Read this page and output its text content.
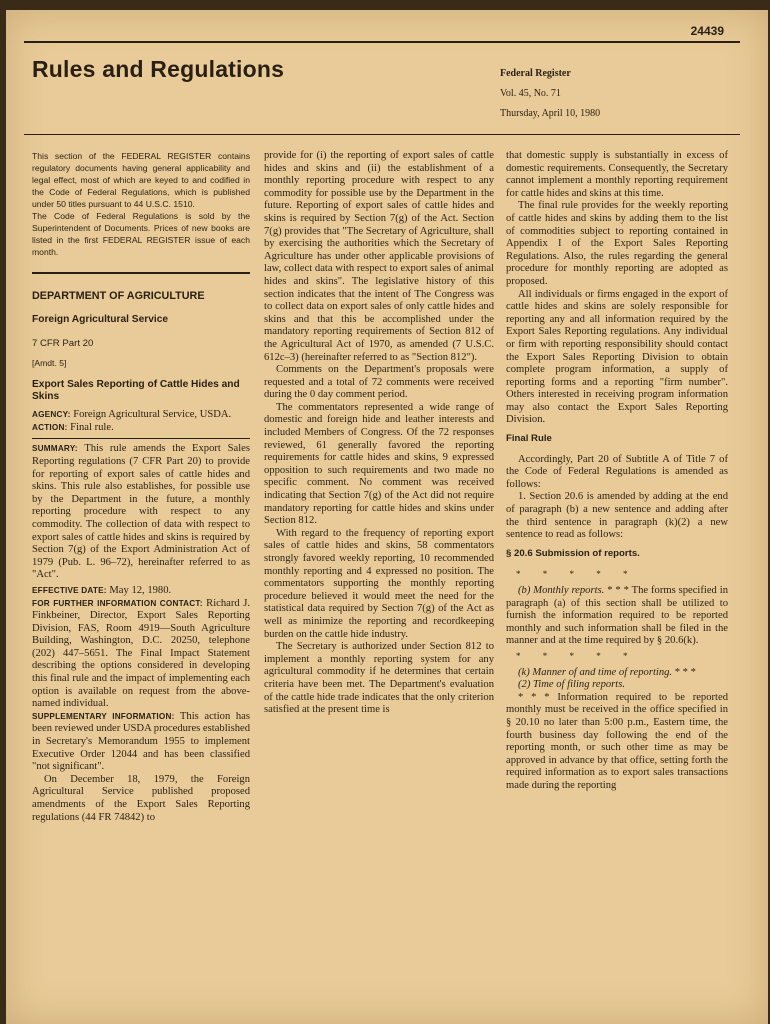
24439
Rules and Regulations	Federal Register
Vol. 45, No. 71
Thursday, April 10, 1980

This section of the FEDERAL REGISTER contains regulatory documents having general applicability and legal effect, most of which are keyed to and codified in the Code of Federal Regulations, which is published under 50 titles pursuant to 44 U.S.C. 1510.

The Code of Federal Regulations is sold by the Superintendent of Documents. Prices of new books are listed in the first FEDERAL REGISTER issue of each month.

DEPARTMENT OF AGRICULTURE
Foreign Agricultural Service
7 CFR Part 20
[Amdt. 5]
Export Sales Reporting of Cattle Hides and Skins

AGENCY: Foreign Agricultural Service, USDA.

ACTION: Final rule.

SUMMARY: This rule amends the Export Sales Reporting regulations (7 CFR Part 20) to provide for reporting of export sales of cattle hides and skins. This rule also establishes, for possible use by the Department in the future, a monthly reporting procedure with respect to any commodity. The collection of data with respect to export sales of cattle hides and skins is required by Section 7(g) of the Export Administration Act of 1979 (Pub. L. 96–72), hereinafter referred to as "Act".

EFFECTIVE DATE: May 12, 1980.

FOR FURTHER INFORMATION CONTACT: Richard J. Finkbeiner, Director, Export Sales Reporting Division, FAS, Room 4919—South Agriculture Building, Washington, D.C. 20250, telephone (202) 447–5651. The Final Impact Statement describing the options considered in developing this final rule and the impact of implementing each option is available on request from the above-named individual.

SUPPLEMENTARY INFORMATION: This action has been reviewed under USDA procedures established in Secretary's Memorandum 1955 to implement Executive Order 12044 and has been classified "not significant".

On December 18, 1979, the Foreign Agricultural Service published proposed amendments of the Export Sales Reporting regulations (44 FR 74842) to

provide for (i) the reporting of export sales of cattle hides and skins and (ii) the establishment of a monthly reporting procedure with respect to any commodity for possible use by the Department in the future. Reporting of export sales of cattle hides and skins is required by Section 7(g) of the Act. Section 7(g) provides that "The Secretary of Agriculture, shall by exercising the authorities which the Secretary of Agriculture has under other applicable provisions of law, collect data with respect to export sales of animal hides and skins". The legislative history of this section indicates that the intent of The Congress was to collect data on export sales of only cattle hides and skins and that this be accomplished under the mandatory reporting requirements of Section 812 of the Agricultural Act of 1970, as amended (7 U.S.C. 612c–3) (hereinafter referred to as "Section 812").

Comments on the Department's proposals were requested and a total of 72 comments were received during the 0 day comment period.

The commentators represented a wide range of domestic and foreign hide and leather interests and included Members of Congress. Of the 72 responses reviewed, 61 generally favored the reporting requirements for cattle hides and skins, 9 expressed opposition to such requirements and two made no specific comment. No comment was received indicating that Section 7(g) of the Act did not require mandatory reporting for cattle hides and skins under Section 812.

With regard to the frequency of reporting export sales of cattle hides and skins, 58 commentators strongly favored weekly reporting, 10 recommended monthly reporting and 4 expressed no position. The commentators supporting the monthly reporting procedure believed it would meet the need for the statistical data required by Section 7(g) of the Act as well as minimize the reporting and recordkeeping burden on the cattle hide industry.

The Secretary is authorized under Section 812 to implement a monthly reporting system for any agricultural commodity if he determines that certain criteria have been met. The Department's evaluation of the cattle hide trade indicates that the only criterion satisfied at the present time is

that domestic supply is substantially in excess of domestic requirements. Consequently, the Secretary cannot implement a monthly reporting requirement for cattle hides and skins at this time.

The final rule provides for the weekly reporting of cattle hides and skins by adding them to the list of commodities subject to reporting contained in Appendix I of the Export Sales Reporting Regulations. Also, the rules regarding the general procedure for monthly reporting are adopted as proposed.

All individuals or firms engaged in the export of cattle hides and skins are solely responsible for reporting any and all information required by the Export Sales Reporting regulations. Any individual or firm with reporting responsibility should contact the Export Sales Reporting Division to obtain complete program information, a supply of reporting forms and a reporting "firm number". Others interested in receiving program information may also contact the Export Sales Reporting Division.

Final Rule

Accordingly, Part 20 of Subtitle A of Title 7 of the Code of Federal Regulations is amended as follows:

1. Section 20.6 is amended by adding at the end of paragraph (b) a new sentence and adding after the third sentence in paragraph (k)(2) a new sentence to read as follows:

§ 20.6 Submission of reports.
* * * * *

(b) Monthly reports. * * * The forms specified in paragraph (a) of this section shall be utilized to furnish the information required to be reported monthly and such information shall be filed in the manner and at the time required by § 20.6(k).

* * * * *

(k) Manner of and time of reporting. * * *

(2) Time of filing reports.

* * * Information required to be reported monthly must be received in the office specified in § 20.10 no later than 5:00 p.m., Eastern time, the fourth business day following the end of the reporting month, or such other time as may be approved in advance by that office, setting forth the required information as to export sales transactions made during the reporting
